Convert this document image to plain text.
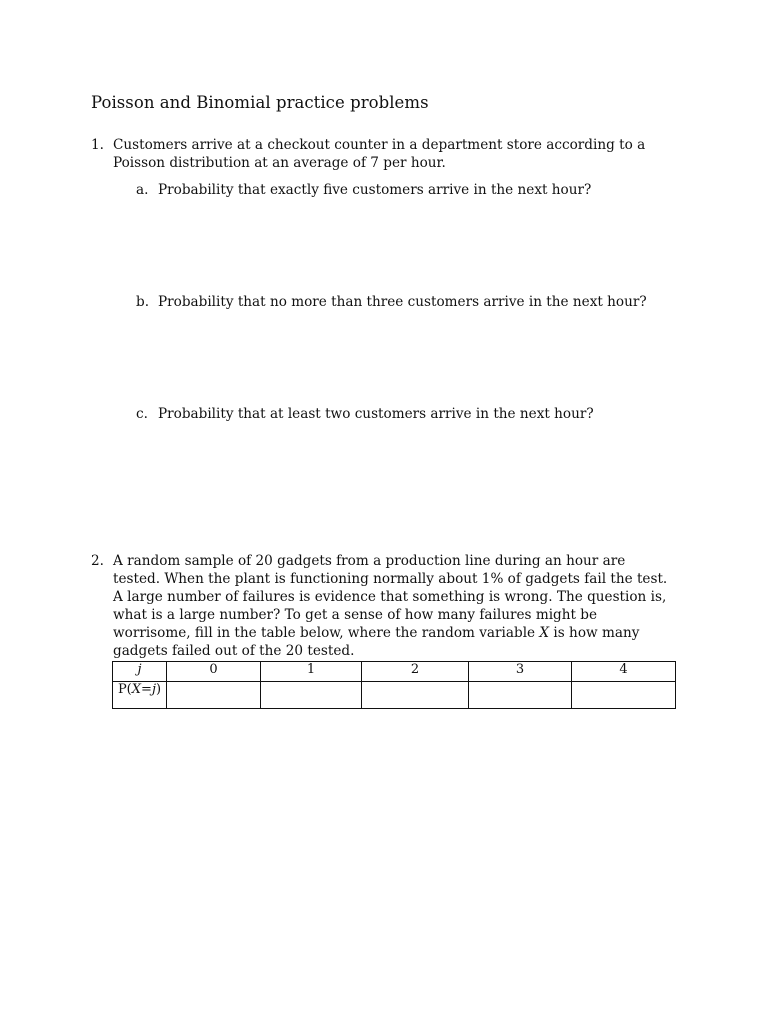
Poisson and Binomial practice problems
1. Customers arrive at a checkout counter in a department store according to a Poisson distribution at an average of 7 per hour.
a. Probability that exactly five customers arrive in the next hour?
b. Probability that no more than three customers arrive in the next hour?
c. Probability that at least two customers arrive in the next hour?
2. A random sample of 20 gadgets from a production line during an hour are tested. When the plant is functioning normally about 1% of gadgets fail the test. A large number of failures is evidence that something is wrong. The question is, what is a large number? To get a sense of how many failures might be worrisome, fill in the table below, where the random variable X is how many gadgets failed out of the 20 tested.
j	0	1	2	3	4
P(X=j)					
